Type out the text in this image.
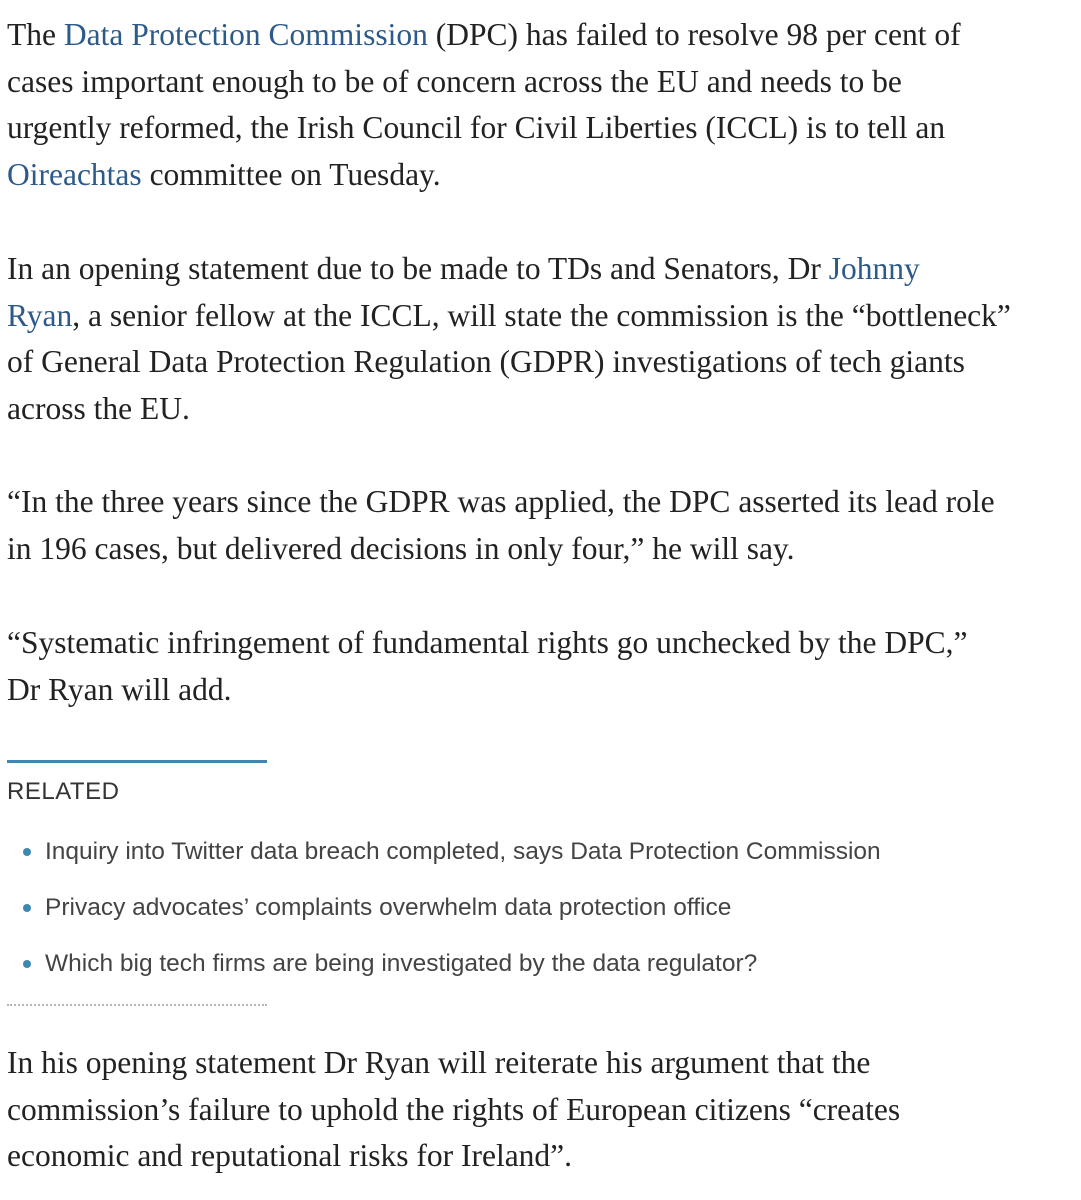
The Data Protection Commission (DPC) has failed to resolve 98 per cent of
cases important enough to be of concern across the EU and needs to be
urgently reformed, the Irish Council for Civil Liberties (ICCL) is to tell an
Oireachtas committee on Tuesday.

In an opening statement due to be made to TDs and Senators, Dr Johnny
Ryan, a senior fellow at the ICCL, will state the commission is the “bottleneck”
of General Data Protection Regulation (GDPR) investigations of tech giants
across the EU.

“In the three years since the GDPR was applied, the DPC asserted its lead role
in 196 cases, but delivered decisions in only four,” he will say.

“Systematic infringement of fundamental rights go unchecked by the DPC,”
Dr Ryan will add.

In his opening statement Dr Ryan will reiterate his argument that the
commission’s failure to uphold the rights of European citizens “creates
economic and reputational risks for Ireland”.

RELATED
Inquiry into Twitter data breach completed, says Data Protection Commission
Privacy advocates’ complaints overwhelm data protection office
Which big tech firms are being investigated by the data regulator?
